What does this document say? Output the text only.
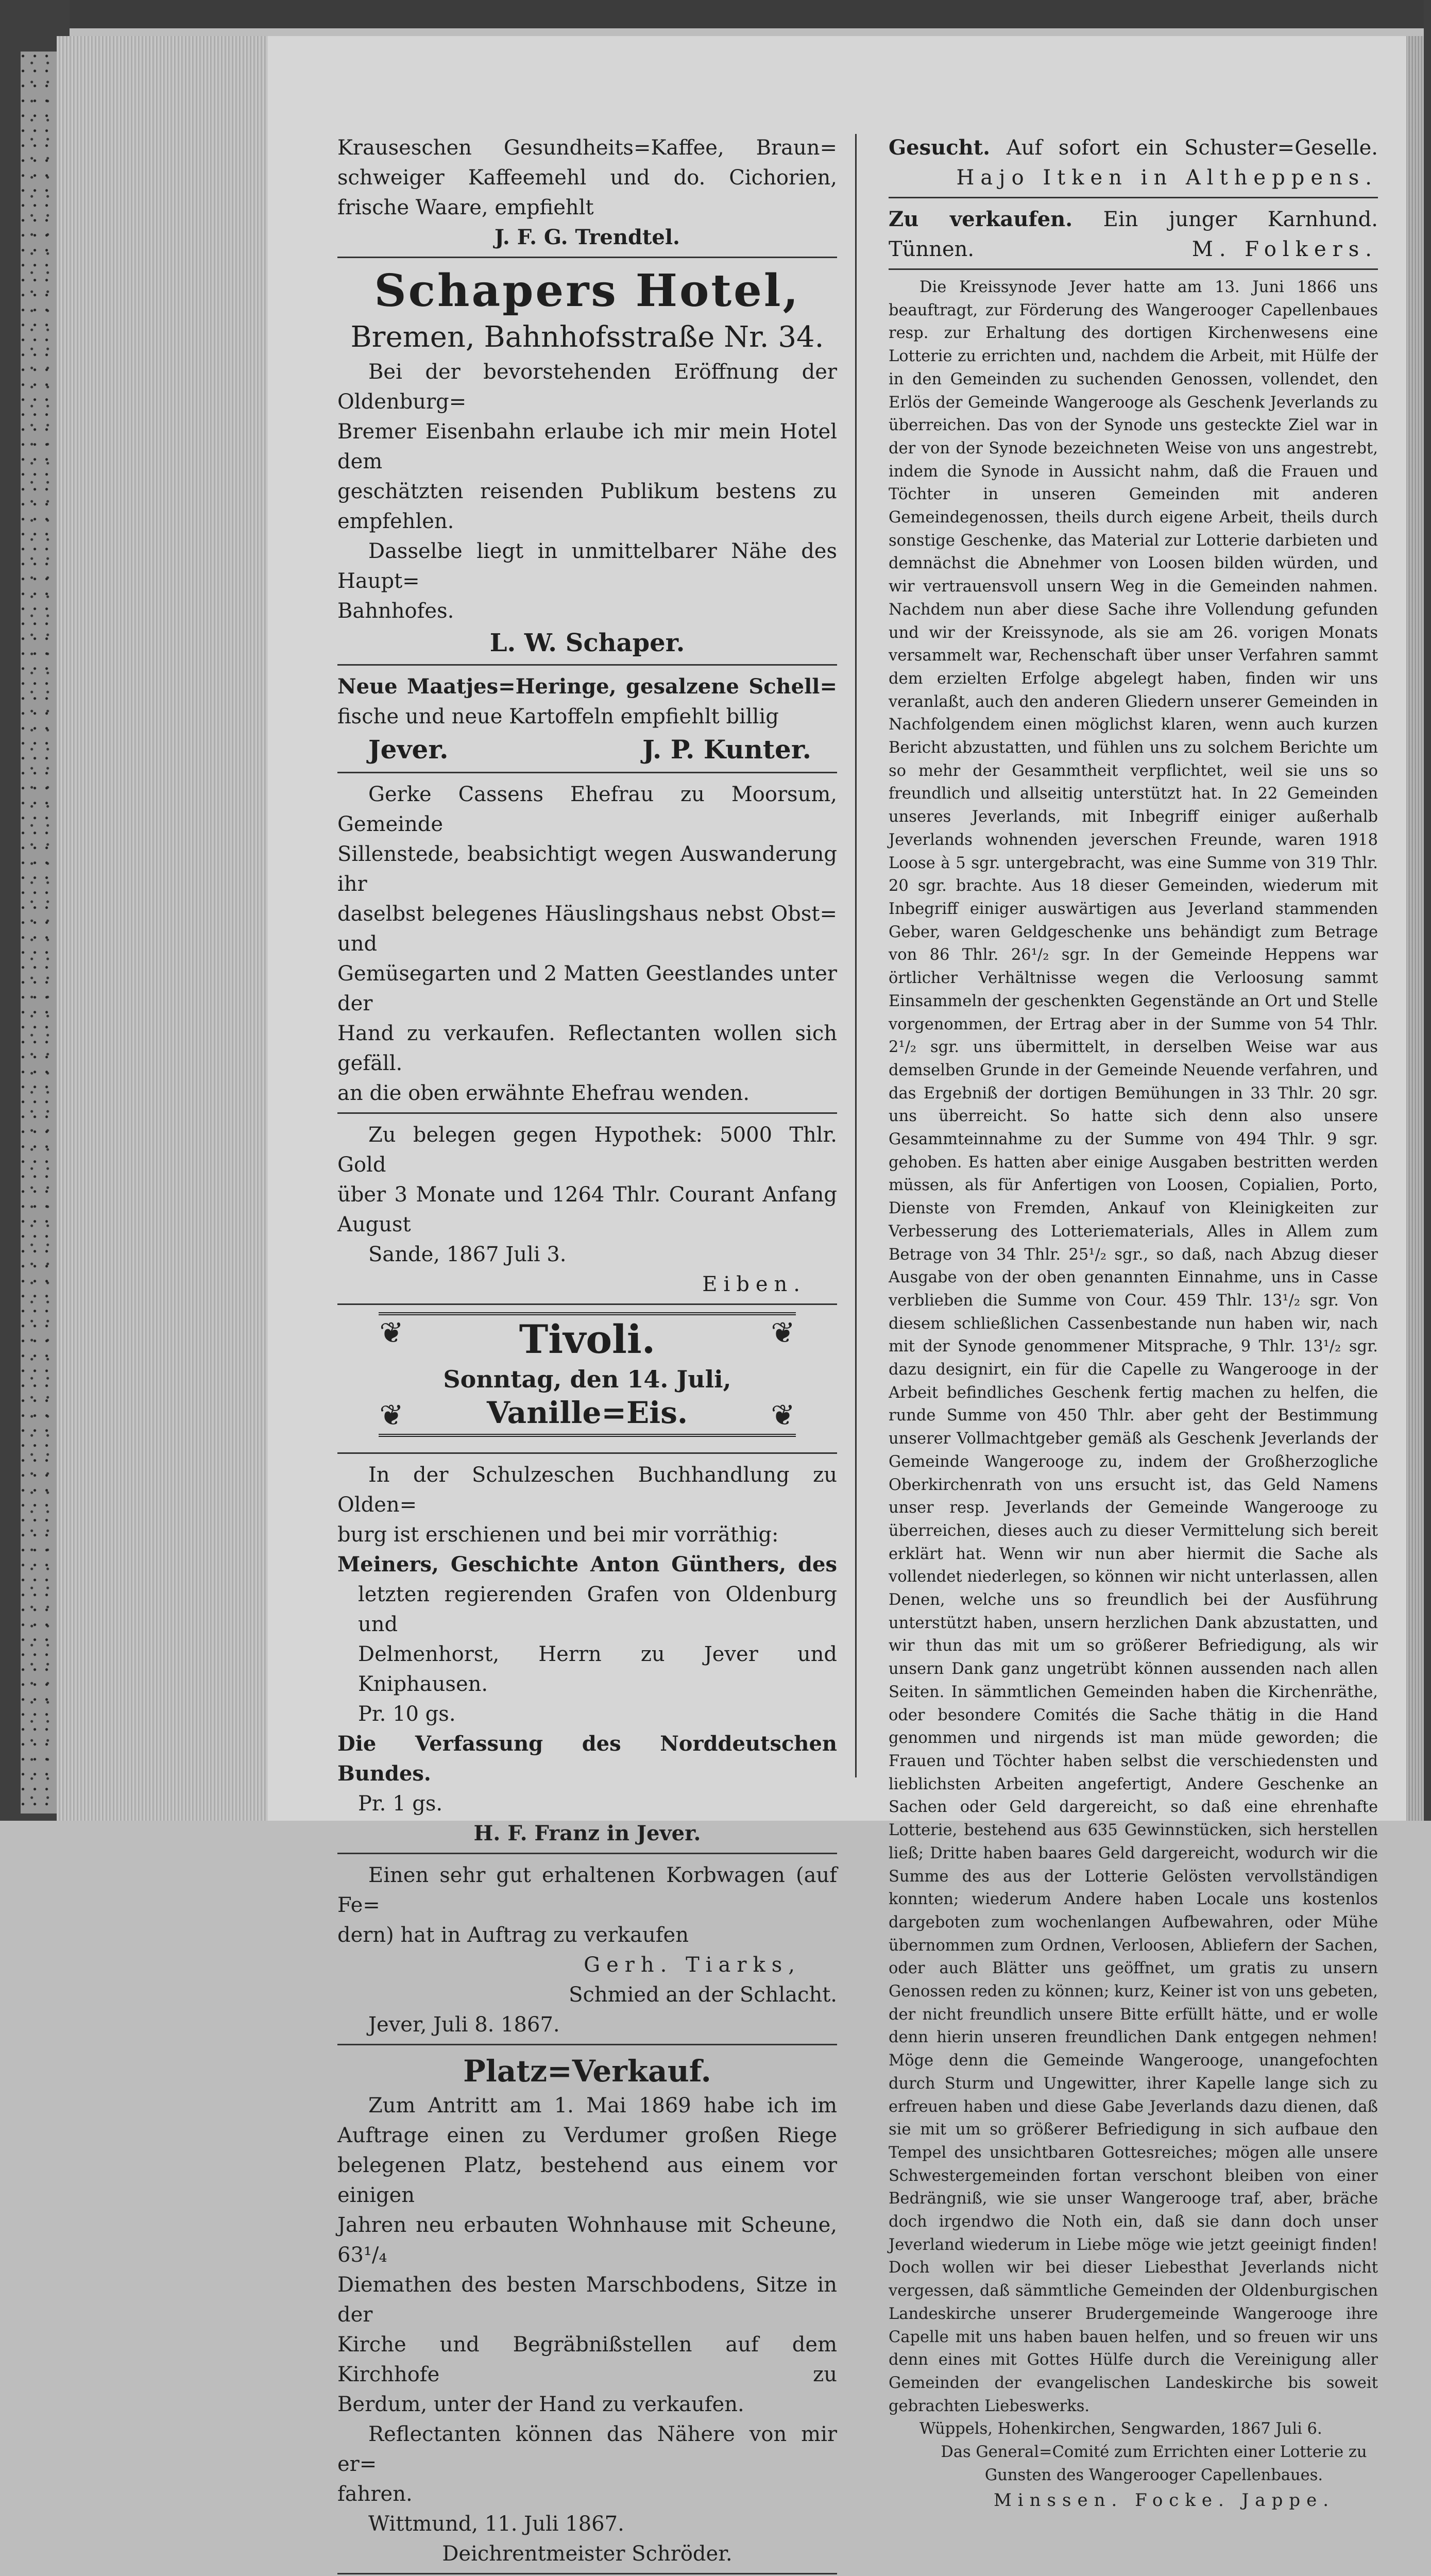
Krauseschen Gesundheits=Kaffee, Braun=
schweiger Kaffeemehl und do. Cichorien,
frische Waare, empfiehlt
J. F. G. Trendtel.
Schapers Hotel,
Bremen, Bahnhofsstraße Nr. 34.
Bei der bevorstehenden Eröffnung der Oldenburg=
Bremer Eisenbahn erlaube ich mir mein Hotel dem
geschätzten reisenden Publikum bestens zu empfehlen.
Dasselbe liegt in unmittelbarer Nähe des Haupt=
Bahnhofes.
L. W. Schaper.
Neue Maatjes=Heringe, gesalzene Schell=
fische und neue Kartoffeln empfiehlt billig
Jever.	J. P. Kunter.
Gerke Cassens Ehefrau zu Moorsum, Gemeinde
Sillenstede, beabsichtigt wegen Auswanderung ihr
daselbst belegenes Häuslingshaus nebst Obst= und
Gemüsegarten und 2 Matten Geestlandes unter der
Hand zu verkaufen. Reflectanten wollen sich gefäll.
an die oben erwähnte Ehefrau wenden.
Zu belegen gegen Hypothek: 5000 Thlr. Gold
über 3 Monate und 1264 Thlr. Courant Anfang
August
Sande, 1867 Juli 3.
Eiben.
❦	❦
❦	❦
Tivoli.
Sonntag, den 14. Juli,
Vanille=Eis.
In der Schulzeschen Buchhandlung zu Olden=
burg ist erschienen und bei mir vorräthig:
Meiners, Geschichte Anton Günthers, des
letzten regierenden Grafen von Oldenburg und
Delmenhorst, Herrn zu Jever und Kniphausen.
Pr. 10 gs.
Die Verfassung des Norddeutschen Bundes.
Pr. 1 gs.
H. F. Franz in Jever.
Einen sehr gut erhaltenen Korbwagen (auf Fe=
dern) hat in Auftrag zu verkaufen
Gerh. Tiarks,
Schmied an der Schlacht.
Jever, Juli 8. 1867.
Platz=Verkauf.
Zum Antritt am 1. Mai 1869 habe ich im
Auftrage einen zu Verdumer großen Riege
belegenen Platz, bestehend aus einem vor einigen
Jahren neu erbauten Wohnhause mit Scheune, 63¹/₄
Diemathen des besten Marschbodens, Sitze in der
Kirche und Begräbnißstellen auf dem Kirchhofe zu
Berdum, unter der Hand zu verkaufen.
Reflectanten können das Nähere von mir er=
fahren.
Wittmund, 11. Juli 1867.
Deichrentmeister Schröder.
Gesucht. Auf sofort ein Schuster=Geselle.
Hajo Itken in Altheppens.
Zu verkaufen. Ein junger Karnhund.
Tünnen.	M. Folkers.
Die Kreissynode Jever hatte am 13. Juni 1866 uns beauftragt, zur Förderung des Wangerooger Capellenbaues resp. zur Erhaltung des dortigen Kirchenwesens eine Lotterie zu errichten und, nachdem die Arbeit, mit Hülfe der in den Gemeinden zu suchenden Genossen, vollendet, den Erlös der Gemeinde Wangerooge als Geschenk Jeverlands zu überreichen. Das von der Synode uns gesteckte Ziel war in der von der Synode bezeichneten Weise von uns angestrebt, indem die Synode in Aussicht nahm, daß die Frauen und Töchter in unseren Gemeinden mit anderen Gemeindegenossen, theils durch eigene Arbeit, theils durch sonstige Geschenke, das Material zur Lotterie darbieten und demnächst die Abnehmer von Loosen bilden würden, und wir vertrauensvoll unsern Weg in die Gemeinden nahmen. Nachdem nun aber diese Sache ihre Vollendung gefunden und wir der Kreissynode, als sie am 26. vorigen Monats versammelt war, Rechenschaft über unser Verfahren sammt dem erzielten Erfolge abgelegt haben, finden wir uns veranlaßt, auch den anderen Gliedern unserer Gemeinden in Nachfolgendem einen möglichst klaren, wenn auch kurzen Bericht abzustatten, und fühlen uns zu solchem Berichte um so mehr der Gesammtheit verpflichtet, weil sie uns so freundlich und allseitig unterstützt hat. In 22 Gemeinden unseres Jeverlands, mit Inbegriff einiger außerhalb Jeverlands wohnenden jeverschen Freunde, waren 1918 Loose à 5 sgr. untergebracht, was eine Summe von 319 Thlr. 20 sgr. brachte. Aus 18 dieser Gemeinden, wiederum mit Inbegriff einiger auswärtigen aus Jeverland stammenden Geber, waren Geldgeschenke uns behändigt zum Betrage von 86 Thlr. 26¹/₂ sgr. In der Gemeinde Heppens war örtlicher Verhältnisse wegen die Verloosung sammt Einsammeln der geschenkten Gegenstände an Ort und Stelle vorgenommen, der Ertrag aber in der Summe von 54 Thlr. 2¹/₂ sgr. uns übermittelt, in derselben Weise war aus demselben Grunde in der Gemeinde Neuende verfahren, und das Ergebniß der dortigen Bemühungen in 33 Thlr. 20 sgr. uns überreicht. So hatte sich denn also unsere Gesammteinnahme zu der Summe von 494 Thlr. 9 sgr. gehoben. Es hatten aber einige Ausgaben bestritten werden müssen, als für Anfertigen von Loosen, Copialien, Porto, Dienste von Fremden, Ankauf von Kleinigkeiten zur Verbesserung des Lotteriematerials, Alles in Allem zum Betrage von 34 Thlr. 25¹/₂ sgr., so daß, nach Abzug dieser Ausgabe von der oben genannten Einnahme, uns in Casse verblieben die Summe von Cour. 459 Thlr. 13¹/₂ sgr. Von diesem schließlichen Cassenbestande nun haben wir, nach mit der Synode genommener Mitsprache, 9 Thlr. 13¹/₂ sgr. dazu designirt, ein für die Capelle zu Wangerooge in der Arbeit befindliches Geschenk fertig machen zu helfen, die runde Summe von 450 Thlr. aber geht der Bestimmung unserer Vollmachtgeber gemäß als Geschenk Jeverlands der Gemeinde Wangerooge zu, indem der Großherzogliche Oberkirchenrath von uns ersucht ist, das Geld Namens unser resp. Jeverlands der Gemeinde Wangerooge zu überreichen, dieses auch zu dieser Vermittelung sich bereit erklärt hat. Wenn wir nun aber hiermit die Sache als vollendet niederlegen, so können wir nicht unterlassen, allen Denen, welche uns so freundlich bei der Ausführung unterstützt haben, unsern herzlichen Dank abzustatten, und wir thun das mit um so größerer Befriedigung, als wir unsern Dank ganz ungetrübt können aussenden nach allen Seiten. In sämmtlichen Gemeinden haben die Kirchenräthe, oder besondere Comités die Sache thätig in die Hand genommen und nirgends ist man müde geworden; die Frauen und Töchter haben selbst die verschiedensten und lieblichsten Arbeiten angefertigt, Andere Geschenke an Sachen oder Geld dargereicht, so daß eine ehrenhafte Lotterie, bestehend aus 635 Gewinnstücken, sich herstellen ließ; Dritte haben baares Geld dargereicht, wodurch wir die Summe des aus der Lotterie Gelösten vervollständigen konnten; wiederum Andere haben Locale uns kostenlos dargeboten zum wochenlangen Aufbewahren, oder Mühe übernommen zum Ordnen, Verloosen, Abliefern der Sachen, oder auch Blätter uns geöffnet, um gratis zu unsern Genossen reden zu können; kurz, Keiner ist von uns gebeten, der nicht freundlich unsere Bitte erfüllt hätte, und er wolle denn hierin unseren freundlichen Dank entgegen nehmen! Möge denn die Gemeinde Wangerooge, unangefochten durch Sturm und Ungewitter, ihrer Kapelle lange sich zu erfreuen haben und diese Gabe Jeverlands dazu dienen, daß sie mit um so größerer Befriedigung in sich aufbaue den Tempel des unsichtbaren Gottesreiches; mögen alle unsere Schwestergemeinden fortan verschont bleiben von einer Bedrängniß, wie sie unser Wangerooge traf, aber, bräche doch irgendwo die Noth ein, daß sie dann doch unser Jeverland wiederum in Liebe möge wie jetzt geeinigt finden! Doch wollen wir bei dieser Liebesthat Jeverlands nicht vergessen, daß sämmtliche Gemeinden der Oldenburgischen Landeskirche unserer Brudergemeinde Wangerooge ihre Capelle mit uns haben bauen helfen, und so freuen wir uns denn eines mit Gottes Hülfe durch die Vereinigung aller Gemeinden der evangelischen Landeskirche bis soweit gebrachten Liebeswerks.
Wüppels, Hohenkirchen, Sengwarden, 1867 Juli 6.
Das General=Comité zum Errichten einer Lotterie zu Gunsten des Wangerooger Capellenbaues.
Minssen. Focke. Jappe.
